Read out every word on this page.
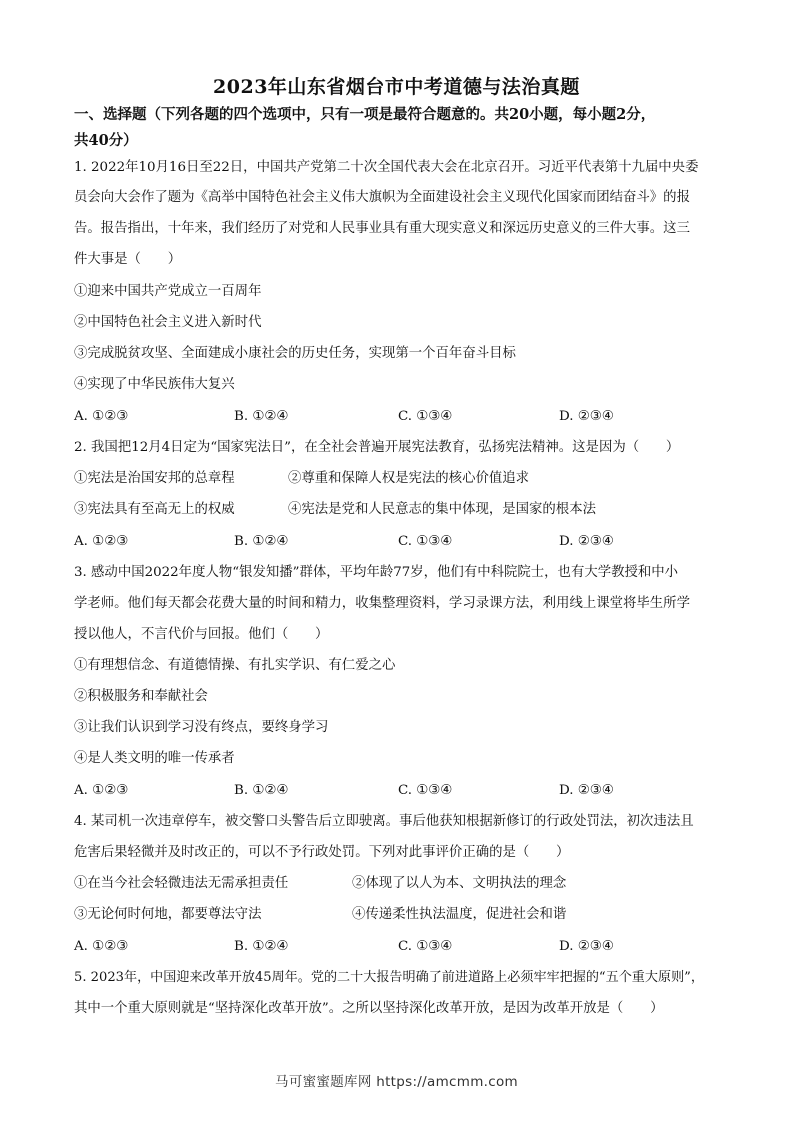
2023年山东省烟台市中考道德与法治真题
一、选择题（下列各题的四个选项中，只有一项是最符合题意的。共20小题，每小题2分，
共40分）
1. 2022年10月16日至22日，中国共产党第二十次全国代表大会在北京召开。习近平代表第十九届中央委
员会向大会作了题为《高举中国特色社会主义伟大旗帜为全面建设社会主义现代化国家而团结奋斗》的报
告。报告指出，十年来，我们经历了对党和人民事业具有重大现实意义和深远历史意义的三件大事。这三
件大事是（　　）
①迎来中国共产党成立一百周年
②中国特色社会主义进入新时代
③完成脱贫攻坚、全面建成小康社会的历史任务，实现第一个百年奋斗目标
④实现了中华民族伟大复兴
A. ①②③	B. ①②④	C. ①③④	D. ②③④
2. 我国把12月4日定为“国家宪法日”，在全社会普遍开展宪法教育，弘扬宪法精神。这是因为（　　）
①宪法是治国安邦的总章程	②尊重和保障人权是宪法的核心价值追求
③宪法具有至高无上的权威	④宪法是党和人民意志的集中体现，是国家的根本法
A. ①②③	B. ①②④	C. ①③④	D. ②③④
3. 感动中国2022年度人物“银发知播”群体，平均年龄77岁，他们有中科院院士，也有大学教授和中小
学老师。他们每天都会花费大量的时间和精力，收集整理资料，学习录课方法，利用线上课堂将毕生所学
授以他人，不言代价与回报。他们（　　）
①有理想信念、有道德情操、有扎实学识、有仁爱之心
②积极服务和奉献社会
③让我们认识到学习没有终点，要终身学习
④是人类文明的唯一传承者
A. ①②③	B. ①②④	C. ①③④	D. ②③④
4. 某司机一次违章停车，被交警口头警告后立即驶离。事后他获知根据新修订的行政处罚法，初次违法且
危害后果轻微并及时改正的，可以不予行政处罚。下列对此事评价正确的是（　　）
①在当今社会轻微违法无需承担责任	②体现了以人为本、文明执法的理念
③无论何时何地，都要尊法守法	④传递柔性执法温度，促进社会和谐
A. ①②③	B. ①②④	C. ①③④	D. ②③④
5. 2023年，中国迎来改革开放45周年。党的二十大报告明确了前进道路上必须牢牢把握的“五个重大原则”，
其中一个重大原则就是“坚持深化改革开放”。之所以坚持深化改革开放，是因为改革开放是（　　）
马可蜜蜜题库网 https://amcmm.com
